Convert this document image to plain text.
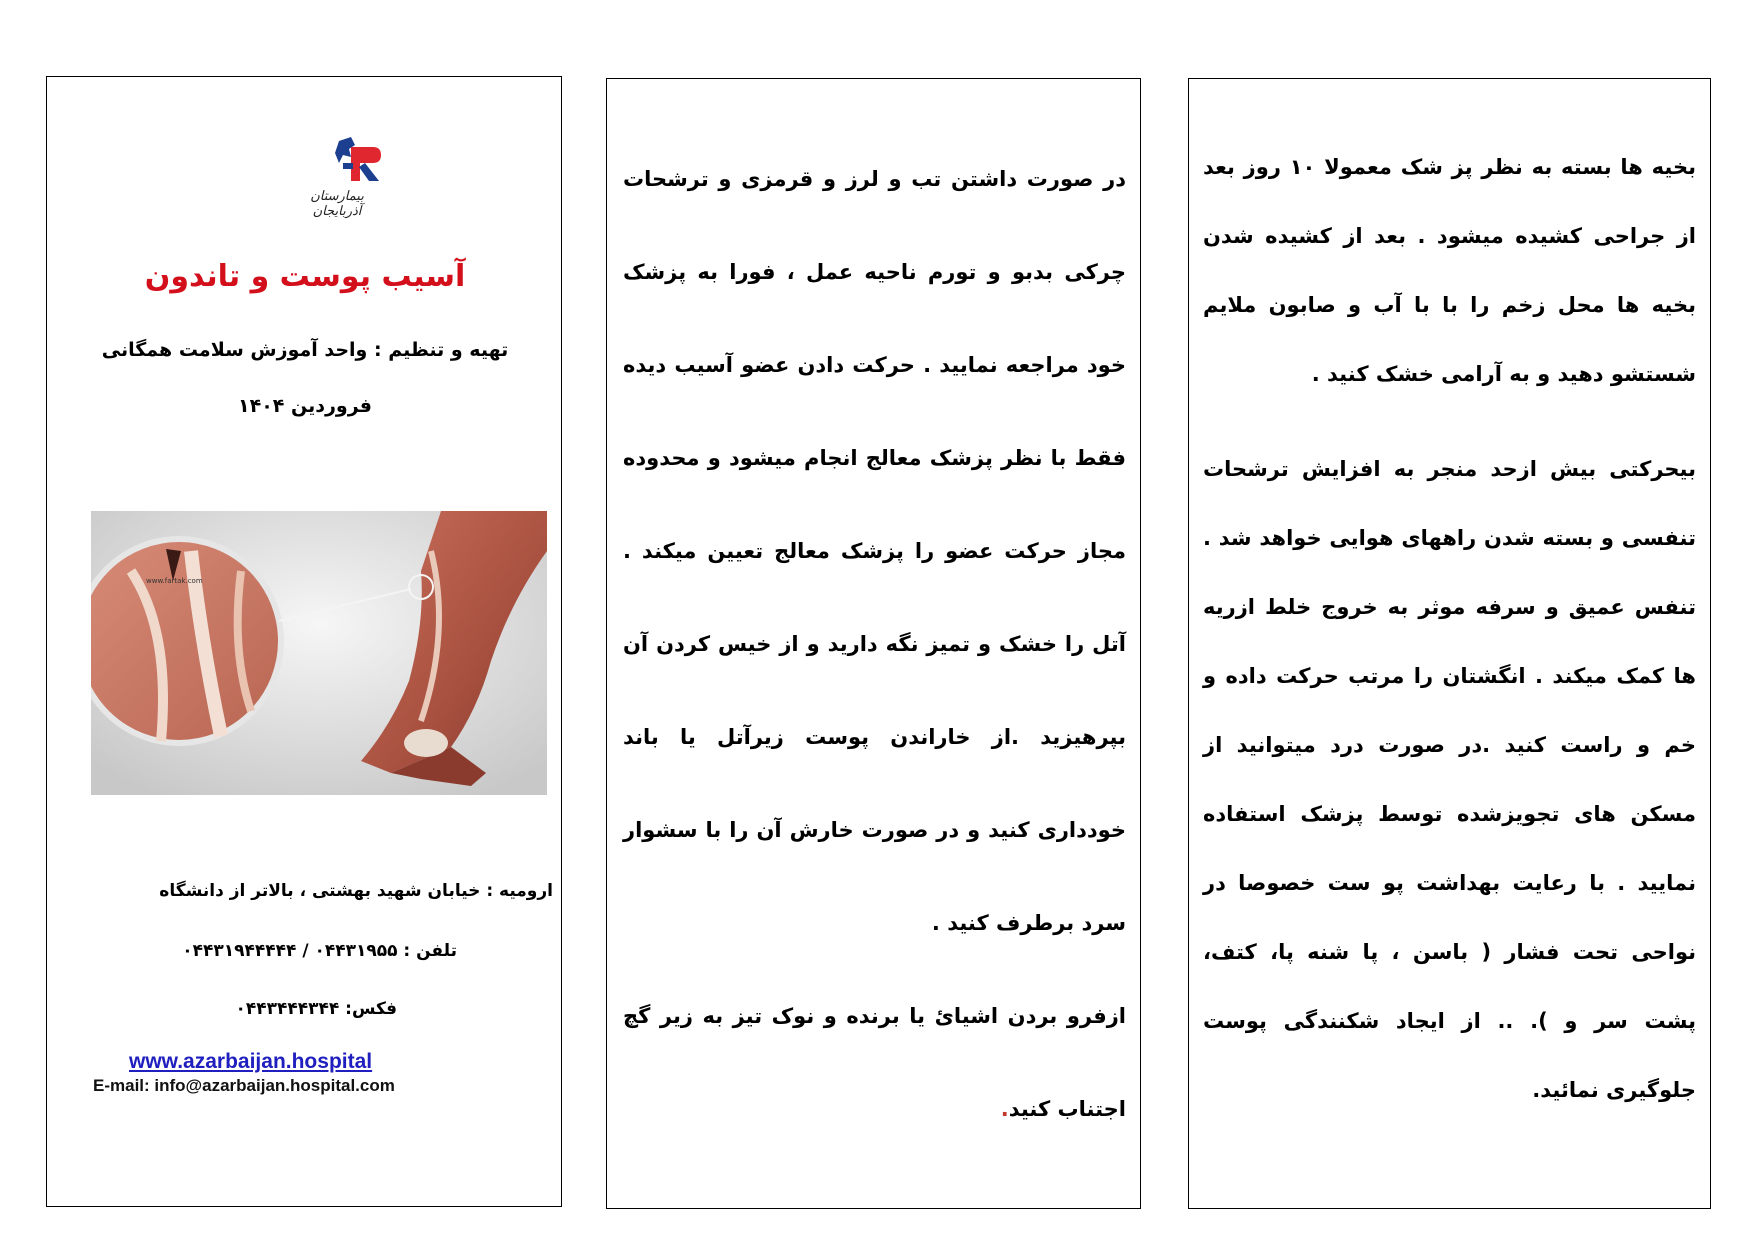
بیمارستان آذربایجان
آسیب پوست و تاندون
تهیه و تنظیم : واحد آموزش سلامت همگانی
فروردین ۱۴۰۴
www.fartak.com
ارومیه : خیابان شهید بهشتی ، بالاتر از دانشگاه
تلفن : ۰۴۴۳۱۹۵۵ / ۰۴۴۳۱۹۴۴۴۴۴
فکس: ۰۴۴۳۴۴۴۳۴۴
www.azarbaijan.hospital
E-mail: info@azarbaijan.hospital.com

در صورت داشتن تب و لرز و قرمزی و ترشحات چرکی بدبو و تورم ناحیه عمل ، فورا به پزشک خود مراجعه نمایید . حرکت دادن عضو آسیب دیده فقط با نظر پزشک معالج انجام میشود و محدوده مجاز حرکت عضو را پزشک معالج تعیین میکند . آتل را خشک و تمیز نگه دارید و از خیس کردن آن بپرهیزید .از خاراندن پوست زیرآتل یا باند خودداری کنید و در صورت خارش آن را با سشوار سرد برطرف کنید .

ازفرو بردن اشیائ یا برنده و نوک تیز به زیر گچ اجتناب کنید.

بخیه ها بسته به نظر پز شک معمولا ۱۰ روز بعد از جراحی کشیده میشود . بعد از کشیده شدن بخیه ها محل زخم را با با آب و صابون ملایم شستشو دهید و به آرامی خشک کنید .

بیحرکتی بیش ازحد منجر به افزایش ترشحات تنفسی و بسته شدن راههای هوایی خواهد شد . تنفس عمیق و سرفه موثر به خروج خلط ازریه ها کمک میکند . انگشتان را مرتب حرکت داده و خم و راست کنید .در صورت درد میتوانید از مسکن های تجویزشده توسط پزشک استفاده نمایید . با رعایت بهداشت پو ست خصوصا در نواحی تحت فشار ( باسن ، پا شنه پا، کتف، پشت سر و ). .. از ایجاد شکنندگی پوست جلوگیری نمائید.
